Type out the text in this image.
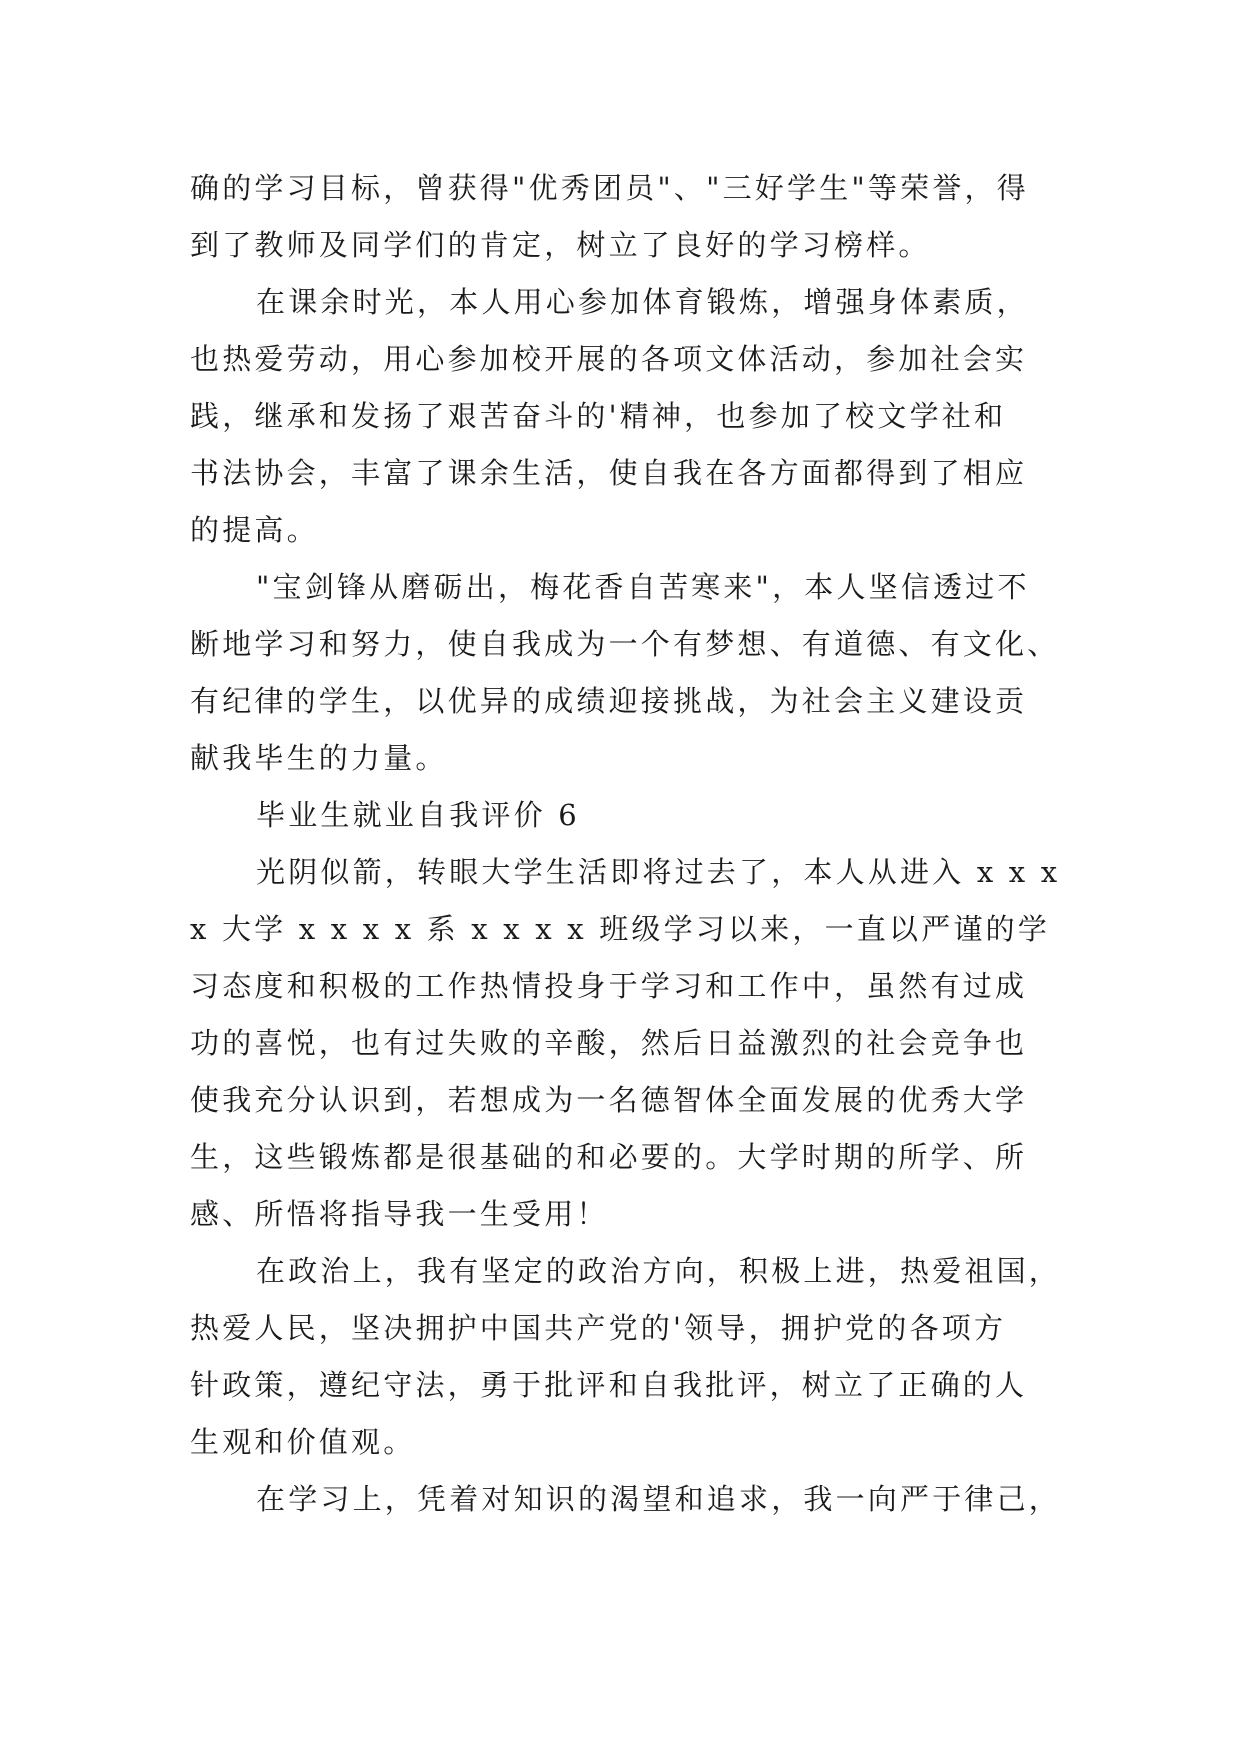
确的学习目标，曾获得"优秀团员"、"三好学生"等荣誉，得
到了教师及同学们的肯定，树立了良好的学习榜样。
在课余时光，本人用心参加体育锻炼，增强身体素质，
也热爱劳动，用心参加校开展的各项文体活动，参加社会实
践，继承和发扬了艰苦奋斗的'精神，也参加了校文学社和
书法协会，丰富了课余生活，使自我在各方面都得到了相应
的提高。
"宝剑锋从磨砺出，梅花香自苦寒来"，本人坚信透过不
断地学习和努力，使自我成为一个有梦想、有道德、有文化、
有纪律的学生，以优异的成绩迎接挑战，为社会主义建设贡
献我毕生的力量。
毕业生就业自我评价 6
光阴似箭，转眼大学生活即将过去了，本人从进入 x x x
x 大学 x x x x 系 x x x x 班级学习以来，一直以严谨的学
习态度和积极的工作热情投身于学习和工作中，虽然有过成
功的喜悦，也有过失败的辛酸，然后日益激烈的社会竞争也
使我充分认识到，若想成为一名德智体全面发展的优秀大学
生，这些锻炼都是很基础的和必要的。大学时期的所学、所
感、所悟将指导我一生受用！
在政治上，我有坚定的政治方向，积极上进，热爱祖国，
热爱人民，坚决拥护中国共产党的'领导，拥护党的各项方
针政策，遵纪守法，勇于批评和自我批评，树立了正确的人
生观和价值观。
在学习上，凭着对知识的渴望和追求，我一向严于律己，
